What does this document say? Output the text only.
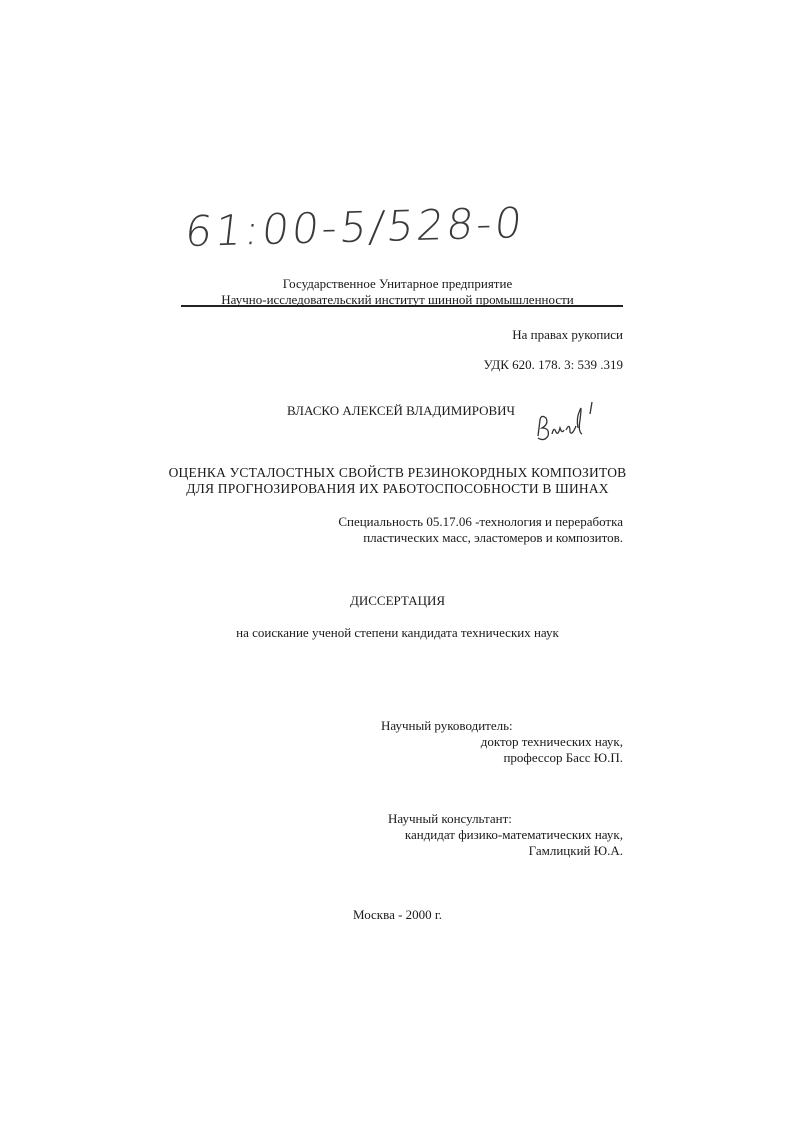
61:00-5/528-0
Государственное Унитарное предприятие
Научно-исследовательский институт шинной промышленности
На правах рукописи
УДК 620. 178. 3: 539 .319
ВЛАСКО АЛЕКСЕЙ ВЛАДИМИРОВИЧ
ОЦЕНКА УСТАЛОСТНЫХ СВОЙСТВ РЕЗИНОКОРДНЫХ КОМПОЗИТОВ
ДЛЯ ПРОГНОЗИРОВАНИЯ ИХ РАБОТОСПОСОБНОСТИ В ШИНАХ
Специальность 05.17.06 -технология и переработка
пластических масс, эластомеров и композитов.
ДИССЕРТАЦИЯ
на соискание ученой степени кандидата технических наук
Научный руководитель:
доктор технических наук,
профессор Басс Ю.П.
Научный консультант:
кандидат физико-математических наук,
Гамлицкий Ю.А.
Москва - 2000 г.
